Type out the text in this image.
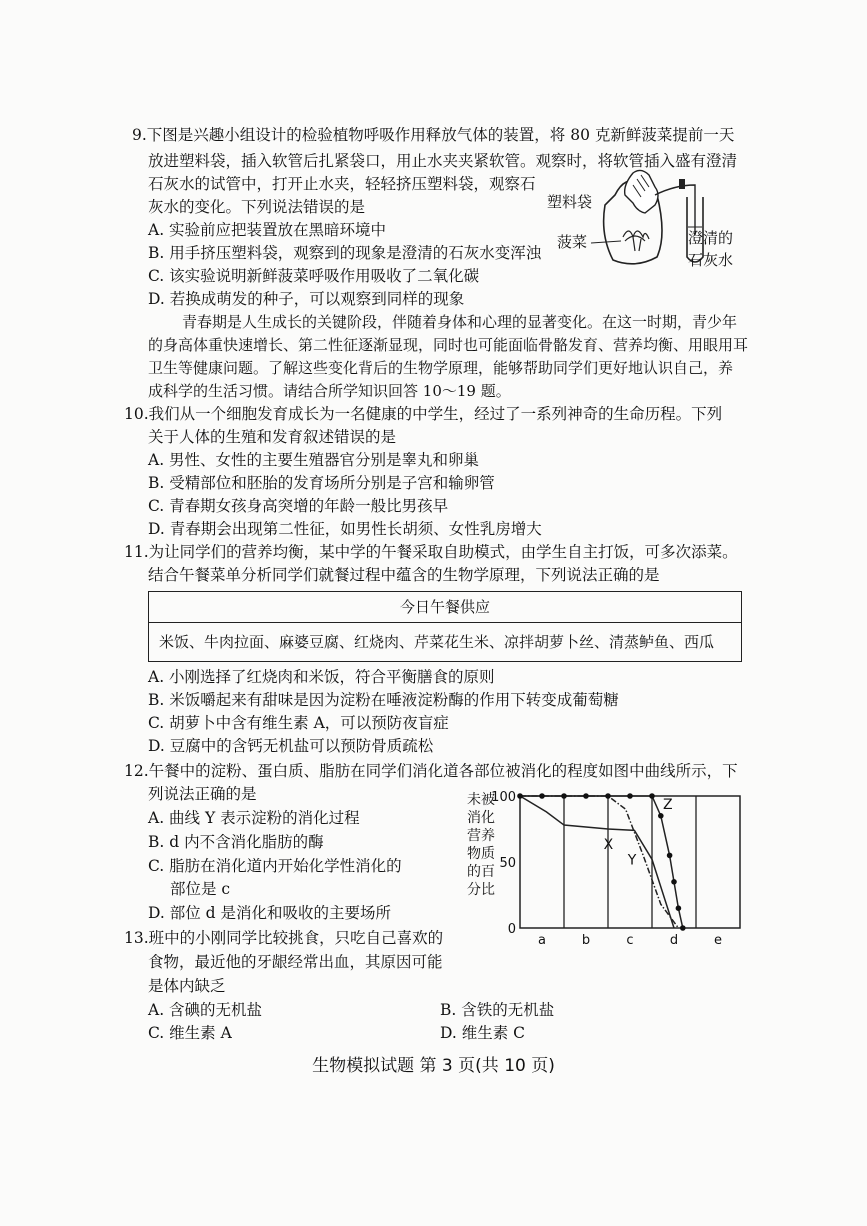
9.下图是兴趣小组设计的检验植物呼吸作用释放气体的装置，将 80 克新鲜菠菜提前一天
放进塑料袋，插入软管后扎紧袋口，用止水夹夹紧软管。观察时，将软管插入盛有澄清
石灰水的试管中，打开止水夹，轻轻挤压塑料袋，观察石
灰水的变化。下列说法错误的是
A. 实验前应把装置放在黑暗环境中
B. 用手挤压塑料袋，观察到的现象是澄清的石灰水变浑浊
C. 该实验说明新鲜菠菜呼吸作用吸收了二氧化碳
D. 若换成萌发的种子，可以观察到同样的现象
塑料袋
菠菜	澄清的
石灰水
青春期是人生成长的关键阶段，伴随着身体和心理的显著变化。在这一时期，青少年
的身高体重快速增长、第二性征逐渐显现，同时也可能面临骨骼发育、营养均衡、用眼用耳
卫生等健康问题。了解这些变化背后的生物学原理，能够帮助同学们更好地认识自己，养
成科学的生活习惯。请结合所学知识回答 10～19 题。
10.我们从一个细胞发育成长为一名健康的中学生，经过了一系列神奇的生命历程。下列
关于人体的生殖和发育叙述错误的是
A. 男性、女性的主要生殖器官分别是睾丸和卵巢
B. 受精部位和胚胎的发育场所分别是子宫和输卵管
C. 青春期女孩身高突增的年龄一般比男孩早
D. 青春期会出现第二性征，如男性长胡须、女性乳房增大
11.为让同学们的营养均衡，某中学的午餐采取自助模式，由学生自主打饭，可多次添菜。
结合午餐菜单分析同学们就餐过程中蕴含的生物学原理，下列说法正确的是
今日午餐供应
米饭、牛肉拉面、麻婆豆腐、红烧肉、芹菜花生米、凉拌胡萝卜丝、清蒸鲈鱼、西瓜
A. 小刚选择了红烧肉和米饭，符合平衡膳食的原则
B. 米饭嚼起来有甜味是因为淀粉在唾液淀粉酶的作用下转变成葡萄糖
C. 胡萝卜中含有维生素 A，可以预防夜盲症
D. 豆腐中的含钙无机盐可以预防骨质疏松
12.午餐中的淀粉、蛋白质、脂肪在同学们消化道各部位被消化的程度如图中曲线所示，下
列说法正确的是
A. 曲线 Y 表示淀粉的消化过程
B. d 内不含消化脂肪的酶
C. 脂肪在消化道内开始化学性消化的
部位是 c
D. 部位 d 是消化和吸收的主要场所
未被
消化
营养
物质
的百
分比
100
50
0
X
Y
Z
a	b	c	d	e
13.班中的小刚同学比较挑食，只吃自己喜欢的
食物，最近他的牙龈经常出血，其原因可能
是体内缺乏
A. 含碘的无机盐	B. 含铁的无机盐
C. 维生素 A	D. 维生素 C
生物模拟试题 第 3 页(共 10 页)
